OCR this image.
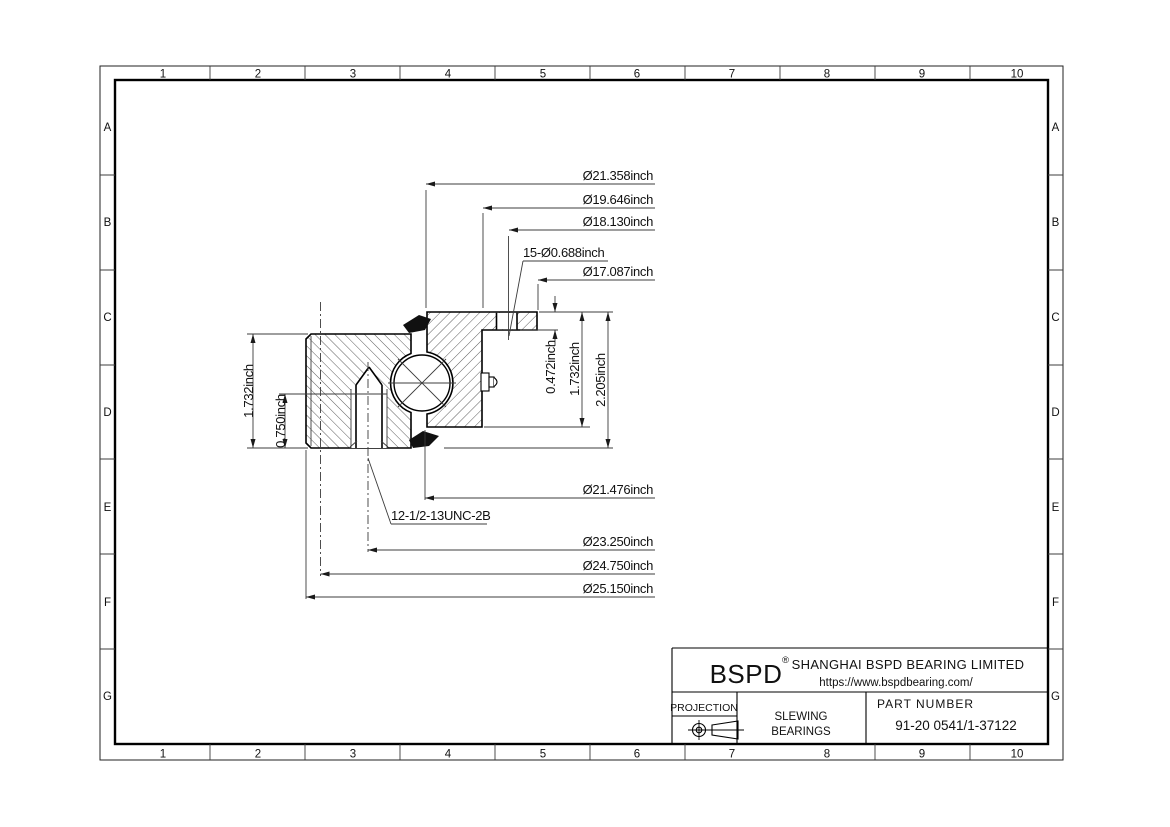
1	2	3	4	5	6	7	8	9	10
1	2	3	4	5	6	7	8	9	10
A
B
C
D
E
F
G
A
B
C
D
E
F
G
Ø21.358inch
Ø19.646inch
Ø18.130inch
15-Ø0.688inch
Ø17.087inch
Ø21.476inch
12-1/2-13UNC-2B
Ø23.250inch
Ø24.750inch
Ø25.150inch
1.732inch
0.750inch
0.472inch 1.732inch 2.205inch
BSPD ® SHANGHAI BSPD BEARING LIMITED
https://www.bspdbearing.com/
PROJECTION
SLEWING
BEARINGS
PART NUMBER
91-20 0541/1-37122
